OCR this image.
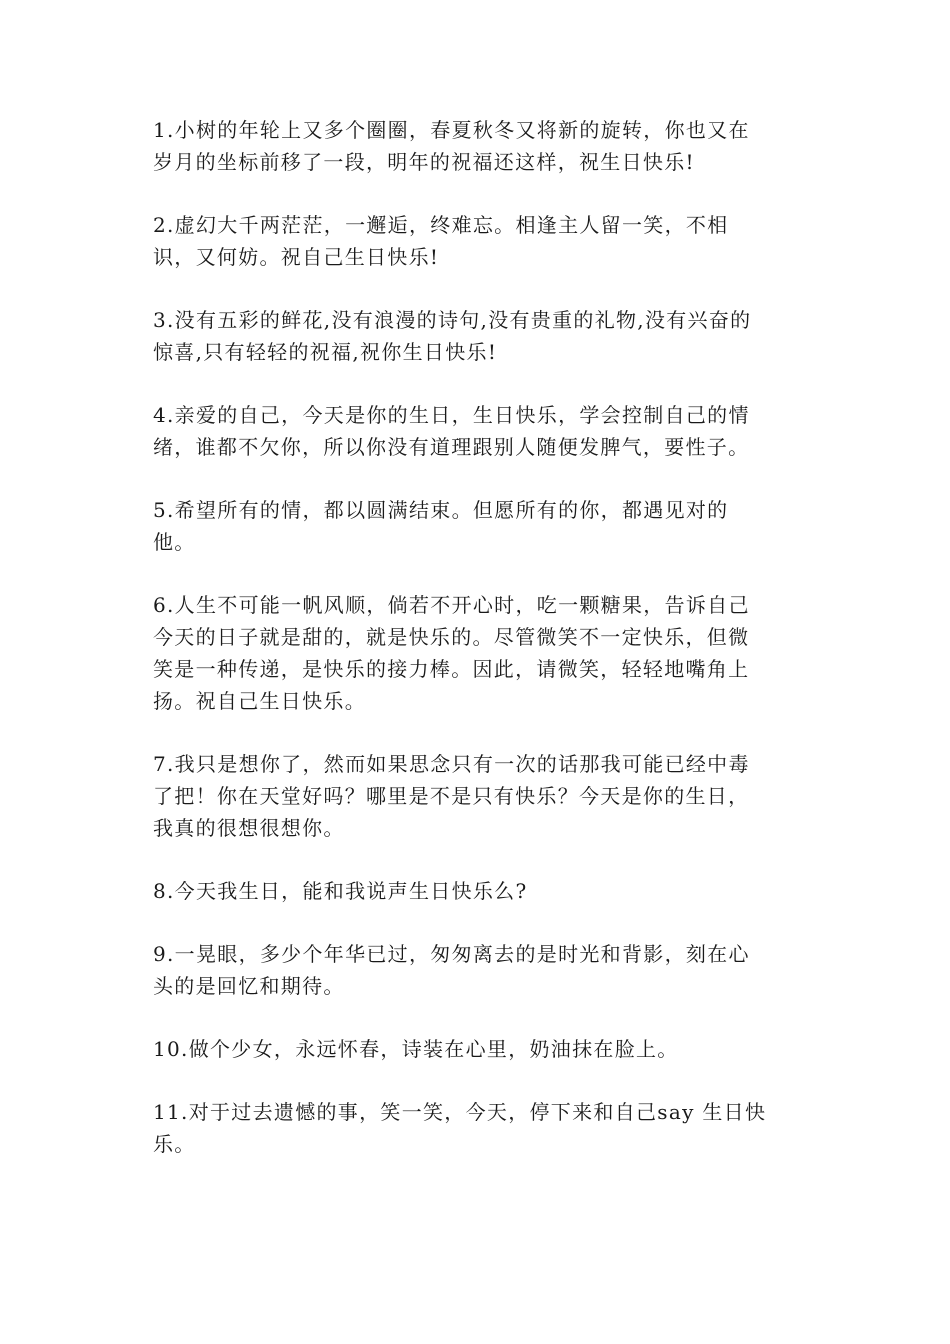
1.小树的年轮上又多个圈圈，春夏秋冬又将新的旋转，你也又在
岁月的坐标前移了一段，明年的祝福还这样，祝生日快乐!

2.虚幻大千两茫茫，一邂逅，终难忘。相逢主人留一笑，不相
识，又何妨。祝自己生日快乐!

3.没有五彩的鲜花,没有浪漫的诗句,没有贵重的礼物,没有兴奋的
惊喜,只有轻轻的祝福,祝你生日快乐!

4.亲爱的自己，今天是你的生日，生日快乐，学会控制自己的情
绪，谁都不欠你，所以你没有道理跟别人随便发脾气，要性子。

5.希望所有的情，都以圆满结束。但愿所有的你，都遇见对的
他。

6.人生不可能一帆风顺，倘若不开心时，吃一颗糖果，告诉自己
今天的日子就是甜的，就是快乐的。尽管微笑不一定快乐，但微
笑是一种传递，是快乐的接力棒。因此，请微笑，轻轻地嘴角上
扬。祝自己生日快乐。

7.我只是想你了，然而如果思念只有一次的话那我可能已经中毒
了把！你在天堂好吗？哪里是不是只有快乐？今天是你的生日，
我真的很想很想你。

8.今天我生日，能和我说声生日快乐么?

9.一晃眼，多少个年华已过，匆匆离去的是时光和背影，刻在心
头的是回忆和期待。

10.做个少女，永远怀春，诗装在心里，奶油抹在脸上。

11.对于过去遗憾的事，笑一笑，今天，停下来和自己say 生日快
乐。
